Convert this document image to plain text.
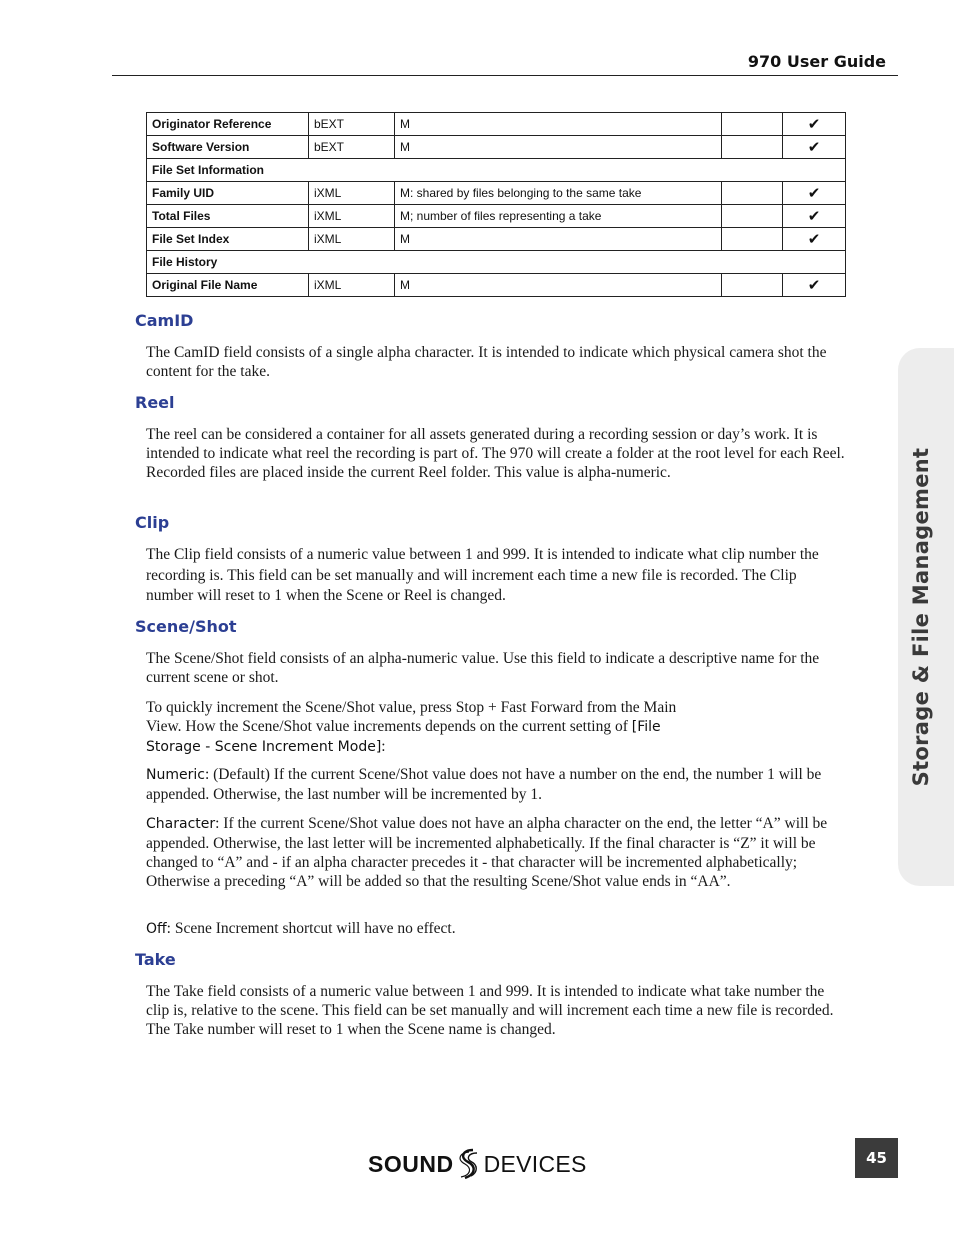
970 User Guide
Originator Reference	bEXT	M		✔
Software Version	bEXT	M		✔
File Set Information				
Family UID	iXML	M: shared by files belonging to the same take		✔
Total Files	iXML	M; number of files representing a take		✔
File Set Index	iXML	M		✔
File History				
Original File Name	iXML	M		✔
Storage & File Management
CamID

The CamID field consists of a single alpha character. It is intended to indicate which physical camera shot the content for the take.

Reel

The reel can be considered a container for all assets generated during a recording session or day’s work. It is intended to indicate what reel the recording is part of. The 970 will create a folder at the root level for each Reel. Recorded files are placed inside the current Reel folder. This value is alpha-numeric.

Clip

The Clip field consists of a numeric value between 1 and 999. It is intended to indicate what clip number the recording is. This field can be set manually and will increment each time a new file is recorded. The Clip number will reset to 1 when the Scene or Reel is changed.

Scene/Shot

The Scene/Shot field consists of an alpha-numeric value. Use this field to indicate a descriptive name for the current scene or shot.

To quickly increment the Scene/Shot value, press Stop + Fast Forward from the Main View. How the Scene/Shot value increments depends on the current setting of [File Storage - Scene Increment Mode]:

Numeric: (Default) If the current Scene/Shot value does not have a number on the end, the number 1 will be appended. Otherwise, the last number will be incremented by 1.

Character: If the current Scene/Shot value does not have an alpha character on the end, the letter “A” will be appended. Otherwise, the last letter will be incremented alphabetically. If the final character is “Z” it will be changed to “A” and - if an alpha character precedes it - that character will be incremented alphabetically; Otherwise a preceding “A” will be added so that the resulting Scene/Shot value ends in “AA”.

Off: Scene Increment shortcut will have no effect.

Take

The Take field consists of a numeric value between 1 and 999. It is intended to indicate what take number the clip is, relative to the scene. This field can be set manually and will increment each time a new file is recorded. The Take number will reset to 1 when the Scene name is changed.

SOUND DEVICES	45
